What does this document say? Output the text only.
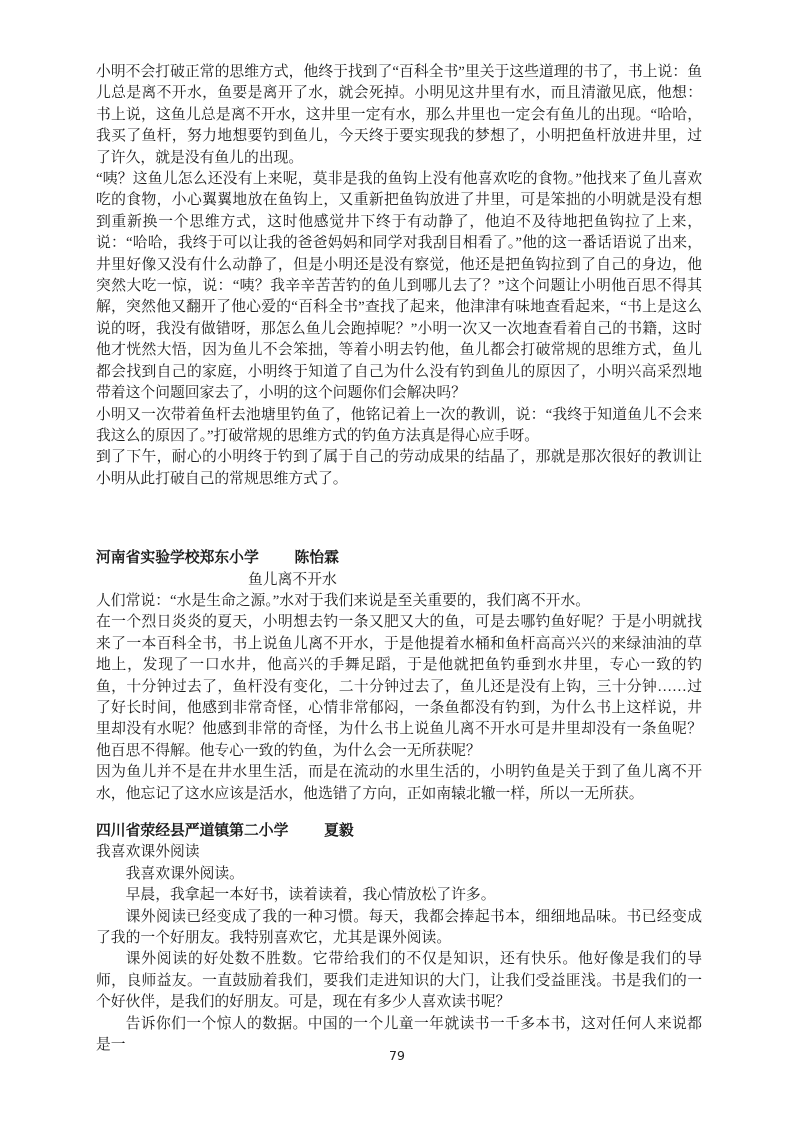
小明不会打破正常的思维方式，他终于找到了“百科全书”里关于这些道理的书了，书上说：鱼儿总是离不开水，鱼要是离开了水，就会死掉。小明见这井里有水，而且清澈见底，他想：书上说，这鱼儿总是离不开水，这井里一定有水，那么井里也一定会有鱼儿的出现。“哈哈，我买了鱼杆，努力地想要钓到鱼儿，今天终于要实现我的梦想了，小明把鱼杆放进井里，过了许久，就是没有鱼儿的出现。

“咦？这鱼儿怎么还没有上来呢，莫非是我的鱼钩上没有他喜欢吃的食物。”他找来了鱼儿喜欢吃的食物，小心翼翼地放在鱼钩上，又重新把鱼钩放进了井里，可是笨拙的小明就是没有想到重新换一个思维方式，这时他感觉井下终于有动静了，他迫不及待地把鱼钩拉了上来，说：“哈哈，我终于可以让我的爸爸妈妈和同学对我刮目相看了。”他的这一番话语说了出来，井里好像又没有什么动静了，但是小明还是没有察觉，他还是把鱼钩拉到了自己的身边，他突然大吃一惊，说：“咦？我辛辛苦苦钓的鱼儿到哪儿去了？”这个问题让小明他百思不得其解，突然他又翻开了他心爱的“百科全书”查找了起来，他津津有味地查看起来，“书上是这么说的呀，我没有做错呀，那怎么鱼儿会跑掉呢？”小明一次又一次地查看着自己的书籍，这时他才恍然大悟，因为鱼儿不会笨拙，等着小明去钓他，鱼儿都会打破常规的思维方式，鱼儿都会找到自己的家庭，小明终于知道了自己为什么没有钓到鱼儿的原因了，小明兴高采烈地带着这个问题回家去了，小明的这个问题你们会解决吗？

小明又一次带着鱼杆去池塘里钓鱼了，他铭记着上一次的教训，说：“我终于知道鱼儿不会来我这么的原因了。”打破常规的思维方式的钓鱼方法真是得心应手呀。

到了下午，耐心的小明终于钓到了属于自己的劳动成果的结晶了，那就是那次很好的教训让小明从此打破自己的常规思维方式了。

河南省实验学校郑东小学 陈怡霖

鱼儿离不开水

人们常说：“水是生命之源。”水对于我们来说是至关重要的，我们离不开水。

在一个烈日炎炎的夏天，小明想去钓一条又肥又大的鱼，可是去哪钓鱼好呢？于是小明就找来了一本百科全书，书上说鱼儿离不开水，于是他提着水桶和鱼杆高高兴兴的来绿油油的草地上，发现了一口水井，他高兴的手舞足蹈，于是他就把鱼钓垂到水井里，专心一致的钓鱼，十分钟过去了，鱼杆没有变化，二十分钟过去了，鱼儿还是没有上钩，三十分钟……过了好长时间，他感到非常奇怪，心情非常郁闷，一条鱼都没有钓到，为什么书上这样说，井里却没有水呢？他感到非常的奇怪，为什么书上说鱼儿离不开水可是井里却没有一条鱼呢？他百思不得解。他专心一致的钓鱼，为什么会一无所获呢？

因为鱼儿并不是在井水里生活，而是在流动的水里生活的，小明钓鱼是关于到了鱼儿离不开水，他忘记了这水应该是活水，他选错了方向，正如南辕北辙一样，所以一无所获。

四川省荥经县严道镇第二小学 夏毅

我喜欢课外阅读

我喜欢课外阅读。

早晨，我拿起一本好书，读着读着，我心情放松了许多。

课外阅读已经变成了我的一种习惯。每天，我都会捧起书本，细细地品味。书已经变成了我的一个好朋友。我特别喜欢它，尤其是课外阅读。

课外阅读的好处数不胜数。它带给我们的不仅是知识，还有快乐。他好像是我们的导师，良师益友。一直鼓励着我们，要我们走进知识的大门，让我们受益匪浅。书是我们的一个好伙伴，是我们的好朋友。可是，现在有多少人喜欢读书呢？

告诉你们一个惊人的数据。中国的一个儿童一年就读书一千多本书，这对任何人来说都是一

79
